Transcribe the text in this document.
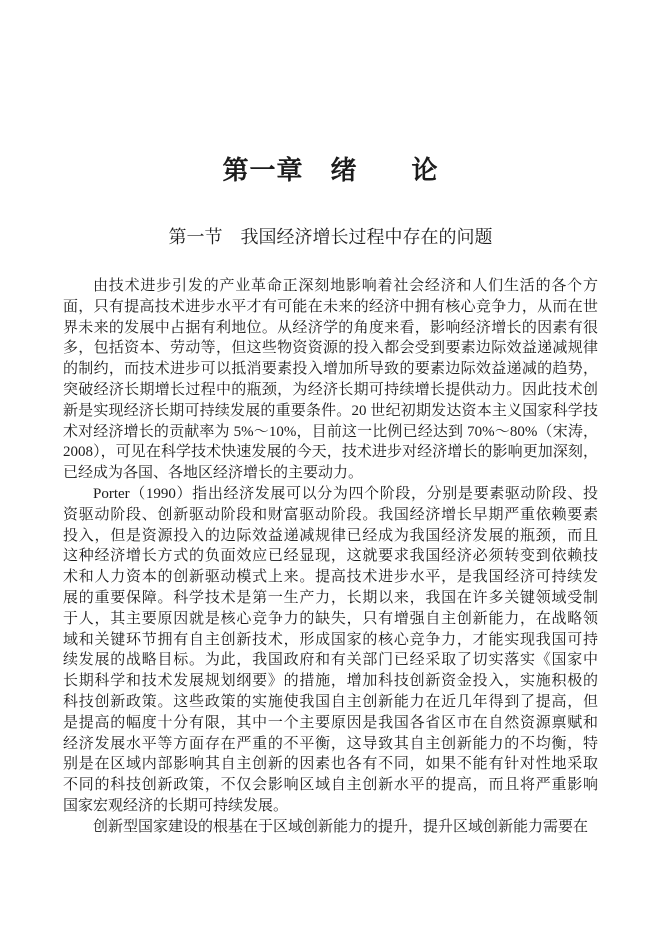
第一章　绪　　论
第一节　我国经济增长过程中存在的问题

由技术进步引发的产业革命正深刻地影响着社会经济和人们生活的各个方
面，只有提高技术进步水平才有可能在未来的经济中拥有核心竞争力，从而在世
界未来的发展中占据有利地位。从经济学的角度来看，影响经济增长的因素有很
多，包括资本、劳动等，但这些物资资源的投入都会受到要素边际效益递减规律
的制约，而技术进步可以抵消要素投入增加所导致的要素边际效益递减的趋势，
突破经济长期增长过程中的瓶颈，为经济长期可持续增长提供动力。因此技术创
新是实现经济长期可持续发展的重要条件。20 世纪初期发达资本主义国家科学技
术对经济增长的贡献率为 5%～10%，目前这一比例已经达到 70%～80%（宋涛，
2008），可见在科学技术快速发展的今天，技术进步对经济增长的影响更加深刻，
已经成为各国、各地区经济增长的主要动力。

Porter（1990）指出经济发展可以分为四个阶段，分别是要素驱动阶段、投
资驱动阶段、创新驱动阶段和财富驱动阶段。我国经济增长早期严重依赖要素
投入，但是资源投入的边际效益递减规律已经成为我国经济发展的瓶颈，而且
这种经济增长方式的负面效应已经显现，这就要求我国经济必须转变到依赖技
术和人力资本的创新驱动模式上来。提高技术进步水平，是我国经济可持续发
展的重要保障。科学技术是第一生产力，长期以来，我国在许多关键领域受制
于人，其主要原因就是核心竞争力的缺失，只有增强自主创新能力，在战略领
域和关键环节拥有自主创新技术，形成国家的核心竞争力，才能实现我国可持
续发展的战略目标。为此，我国政府和有关部门已经采取了切实落实《国家中
长期科学和技术发展规划纲要》的措施，增加科技创新资金投入，实施积极的
科技创新政策。这些政策的实施使我国自主创新能力在近几年得到了提高，但
是提高的幅度十分有限，其中一个主要原因是我国各省区市在自然资源禀赋和
经济发展水平等方面存在严重的不平衡，这导致其自主创新能力的不均衡，特
别是在区域内部影响其自主创新的因素也各有不同，如果不能有针对性地采取
不同的科技创新政策，不仅会影响区域自主创新水平的提高，而且将严重影响
国家宏观经济的长期可持续发展。

创新型国家建设的根基在于区域创新能力的提升，提升区域创新能力需要在
